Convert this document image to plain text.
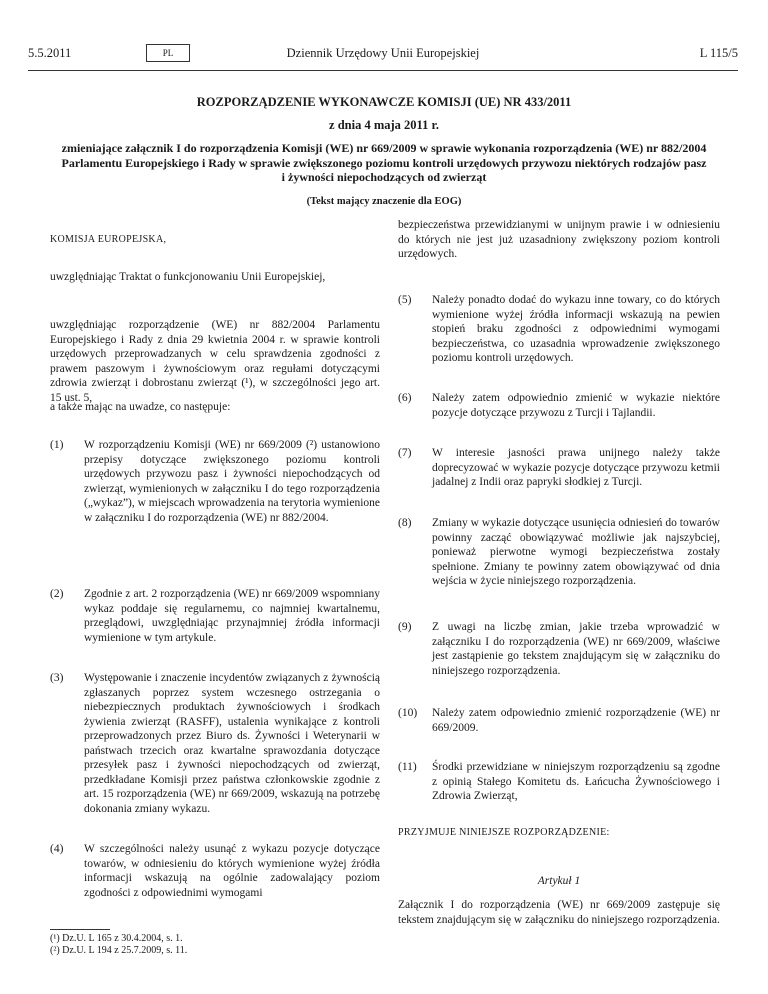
5.5.2011	PL	Dziennik Urzędowy Unii Europejskiej	L 115/5
ROZPORZĄDZENIE WYKONAWCZE KOMISJI (UE) NR 433/2011
z dnia 4 maja 2011 r.
zmieniające załącznik I do rozporządzenia Komisji (WE) nr 669/2009 w sprawie wykonania rozporządzenia (WE) nr 882/2004 Parlamentu Europejskiego i Rady w sprawie zwiększonego poziomu kontroli urzędowych przywozu niektórych rodzajów pasz i żywności niepochodzących od zwierząt
(Tekst mający znaczenie dla EOG)
KOMISJA EUROPEJSKA,
bezpieczeństwa przewidzianymi w unijnym prawie i w odniesieniu do których nie jest już uzasadniony zwiększony poziom kontroli urzędowych.
uwzględniając Traktat o funkcjonowaniu Unii Europejskiej,
uwzględniając rozporządzenie (WE) nr 882/2004 Parlamentu Europejskiego i Rady z dnia 29 kwietnia 2004 r. w sprawie kontroli urzędowych przeprowadzanych w celu sprawdzenia zgodności z prawem paszowym i żywnościowym oraz regułami dotyczącymi zdrowia zwierząt i dobrostanu zwierząt (¹), w szczególności jego art. 15 ust. 5,
a także mając na uwadze, co następuje:
(1)	W rozporządzeniu Komisji (WE) nr 669/2009 (²) ustanowiono przepisy dotyczące zwiększonego poziomu kontroli urzędowych przywozu pasz i żywności niepochodzących od zwierząt, wymienionych w załączniku I do tego rozporządzenia („wykaz”), w miejscach wprowadzenia na terytoria wymienione w załączniku I do rozporządzenia (WE) nr 882/2004.
(2)	Zgodnie z art. 2 rozporządzenia (WE) nr 669/2009 wspomniany wykaz poddaje się regularnemu, co najmniej kwartalnemu, przeglądowi, uwzględniając przynajmniej źródła informacji wymienione w tym artykule.
(3)	Występowanie i znaczenie incydentów związanych z żywnością zgłaszanych poprzez system wczesnego ostrzegania o niebezpiecznych produktach żywnościowych i środkach żywienia zwierząt (RASFF), ustalenia wynikające z kontroli przeprowadzonych przez Biuro ds. Żywności i Weterynarii w państwach trzecich oraz kwartalne sprawozdania dotyczące przesyłek pasz i żywności niepochodzących od zwierząt, przedkładane Komisji przez państwa członkowskie zgodnie z art. 15 rozporządzenia (WE) nr 669/2009, wskazują na potrzebę dokonania zmiany wykazu.
(4)	W szczególności należy usunąć z wykazu pozycje dotyczące towarów, w odniesieniu do których wymienione wyżej źródła informacji wskazują na ogólnie zadowalający poziom zgodności z odpowiednimi wymogami
(5)	Należy ponadto dodać do wykazu inne towary, co do których wymienione wyżej źródła informacji wskazują na pewien stopień braku zgodności z odpowiednimi wymogami bezpieczeństwa, co uzasadnia wprowadzenie zwiększonego poziomu kontroli urzędowych.
(6)	Należy zatem odpowiednio zmienić w wykazie niektóre pozycje dotyczące przywozu z Turcji i Tajlandii.
(7)	W interesie jasności prawa unijnego należy także doprecyzować w wykazie pozycje dotyczące przywozu ketmii jadalnej z Indii oraz papryki słodkiej z Turcji.
(8)	Zmiany w wykazie dotyczące usunięcia odniesień do towarów powinny zacząć obowiązywać możliwie jak najszybciej, ponieważ pierwotne wymogi bezpieczeństwa zostały spełnione. Zmiany te powinny zatem obowiązywać od dnia wejścia w życie niniejszego rozporządzenia.
(9)	Z uwagi na liczbę zmian, jakie trzeba wprowadzić w załączniku I do rozporządzenia (WE) nr 669/2009, właściwe jest zastąpienie go tekstem znajdującym się w załączniku do niniejszego rozporządzenia.
(10)	Należy zatem odpowiednio zmienić rozporządzenie (WE) nr 669/2009.
(11)	Środki przewidziane w niniejszym rozporządzeniu są zgodne z opinią Stałego Komitetu ds. Łańcucha Żywnościowego i Zdrowia Zwierząt,
PRZYJMUJE NINIEJSZE ROZPORZĄDZENIE:
Artykuł 1
Załącznik I do rozporządzenia (WE) nr 669/2009 zastępuje się tekstem znajdującym się w załączniku do niniejszego rozporządzenia.
(¹) Dz.U. L 165 z 30.4.2004, s. 1.
(²) Dz.U. L 194 z 25.7.2009, s. 11.
